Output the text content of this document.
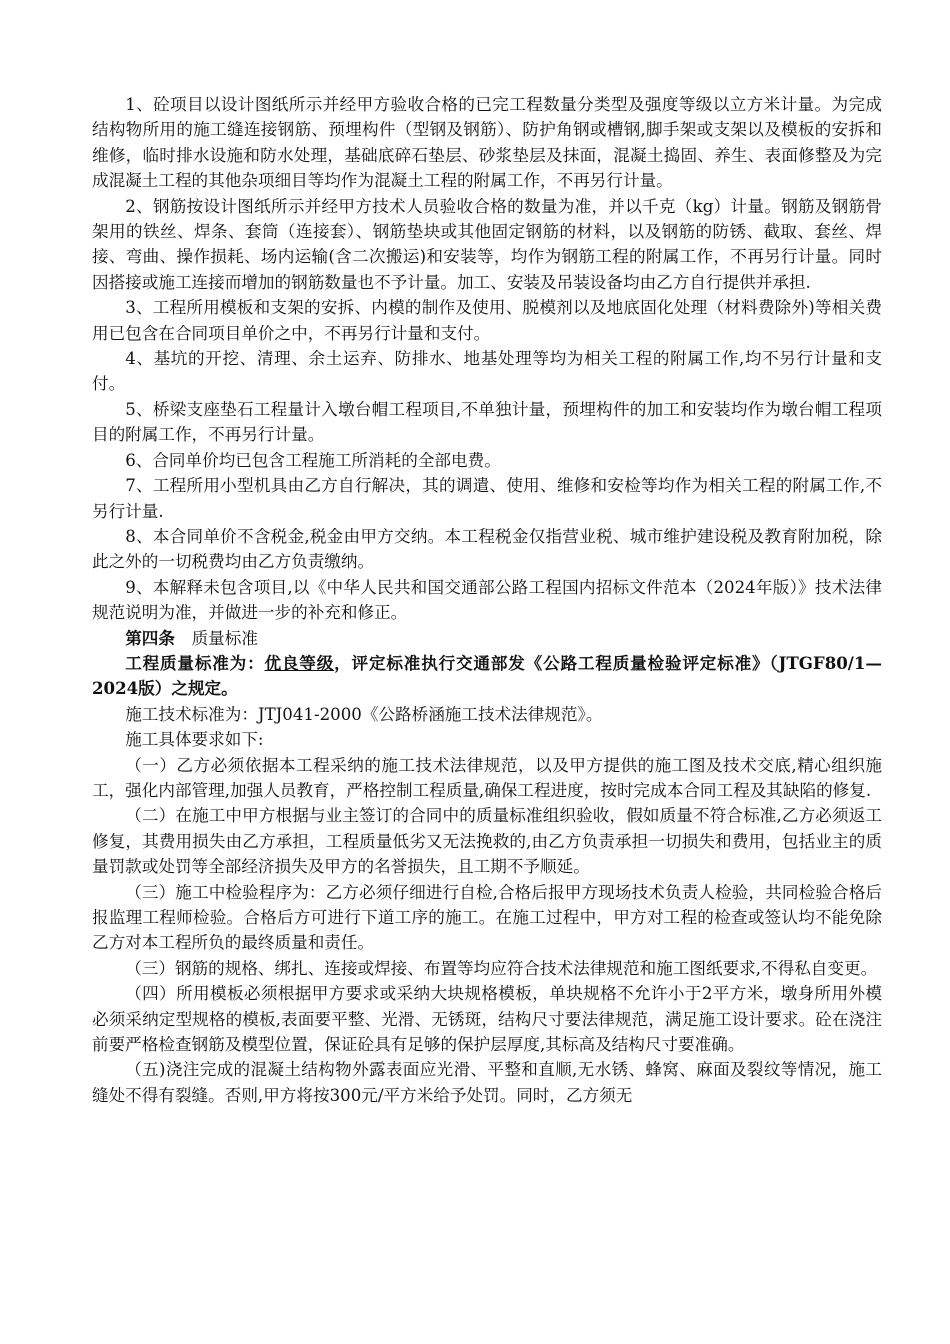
1、砼项目以设计图纸所示并经甲方验收合格的已完工程数量分类型及强度等级以立方米计量。为完成结构物所用的施工缝连接钢筋、预埋构件（型钢及钢筋）、防护角钢或槽钢,脚手架或支架以及模板的安拆和维修，临时排水设施和防水处理，基础底碎石垫层、砂浆垫层及抹面，混凝土捣固、养生、表面修整及为完成混凝土工程的其他杂项细目等均作为混凝土工程的附属工作，不再另行计量。

2、钢筋按设计图纸所示并经甲方技术人员验收合格的数量为准，并以千克（kg）计量。钢筋及钢筋骨架用的铁丝、焊条、套筒（连接套）、钢筋垫块或其他固定钢筋的材料，以及钢筋的防锈、截取、套丝、焊接、弯曲、操作损耗、场内运输(含二次搬运)和安装等，均作为钢筋工程的附属工作，不再另行计量。同时因搭接或施工连接而增加的钢筋数量也不予计量。加工、安装及吊装设备均由乙方自行提供并承担.

3、工程所用模板和支架的安拆、内模的制作及使用、脱模剂以及地底固化处理（材料费除外)等相关费用已包含在合同项目单价之中，不再另行计量和支付。

4、基坑的开挖、清理、余土运弃、防排水、地基处理等均为相关工程的附属工作,均不另行计量和支付。

5、桥梁支座垫石工程量计入墩台帽工程项目,不单独计量，预埋构件的加工和安装均作为墩台帽工程项目的附属工作，不再另行计量。

6、合同单价均已包含工程施工所消耗的全部电费。

7、工程所用小型机具由乙方自行解决，其的调遣、使用、维修和安检等均作为相关工程的附属工作,不另行计量.

8、本合同单价不含税金,税金由甲方交纳。本工程税金仅指营业税、城市维护建设税及教育附加税，除此之外的一切税费均由乙方负责缴纳。

9、本解释未包含项目,以《中华人民共和国交通部公路工程国内招标文件范本（2024年版）》技术法律规范说明为准，并做进一步的补充和修正。

第四条 质量标准

工程质量标准为：优良等级，评定标准执行交通部发《公路工程质量检验评定标准》（JTGF80/1—2024版）之规定。

施工技术标准为：JTJ041-2000《公路桥涵施工技术法律规范》。

施工具体要求如下:

（一）乙方必须依据本工程采纳的施工技术法律规范，以及甲方提供的施工图及技术交底,精心组织施工，强化内部管理,加强人员教育，严格控制工程质量,确保工程进度，按时完成本合同工程及其缺陷的修复.

（二）在施工中甲方根据与业主签订的合同中的质量标准组织验收，假如质量不符合标准,乙方必须返工修复，其费用损失由乙方承担，工程质量低劣又无法挽救的,由乙方负责承担一切损失和费用，包括业主的质量罚款或处罚等全部经济损失及甲方的名誉损失，且工期不予顺延。

（三）施工中检验程序为：乙方必须仔细进行自检,合格后报甲方现场技术负责人检验，共同检验合格后报监理工程师检验。合格后方可进行下道工序的施工。在施工过程中，甲方对工程的检查或签认均不能免除乙方对本工程所负的最终质量和责任。

（三）钢筋的规格、绑扎、连接或焊接、布置等均应符合技术法律规范和施工图纸要求,不得私自变更。

（四）所用模板必须根据甲方要求或采纳大块规格模板，单块规格不允许小于2平方米，墩身所用外模必须采纳定型规格的模板,表面要平整、光滑、无锈斑，结构尺寸要法律规范，满足施工设计要求。砼在浇注前要严格检查钢筋及模型位置，保证砼具有足够的保护层厚度,其标高及结构尺寸要准确。

（五)浇注完成的混凝土结构物外露表面应光滑、平整和直顺,无水锈、蜂窝、麻面及裂纹等情况，施工缝处不得有裂缝。否则,甲方将按300元/平方米给予处罚。同时，乙方须无
